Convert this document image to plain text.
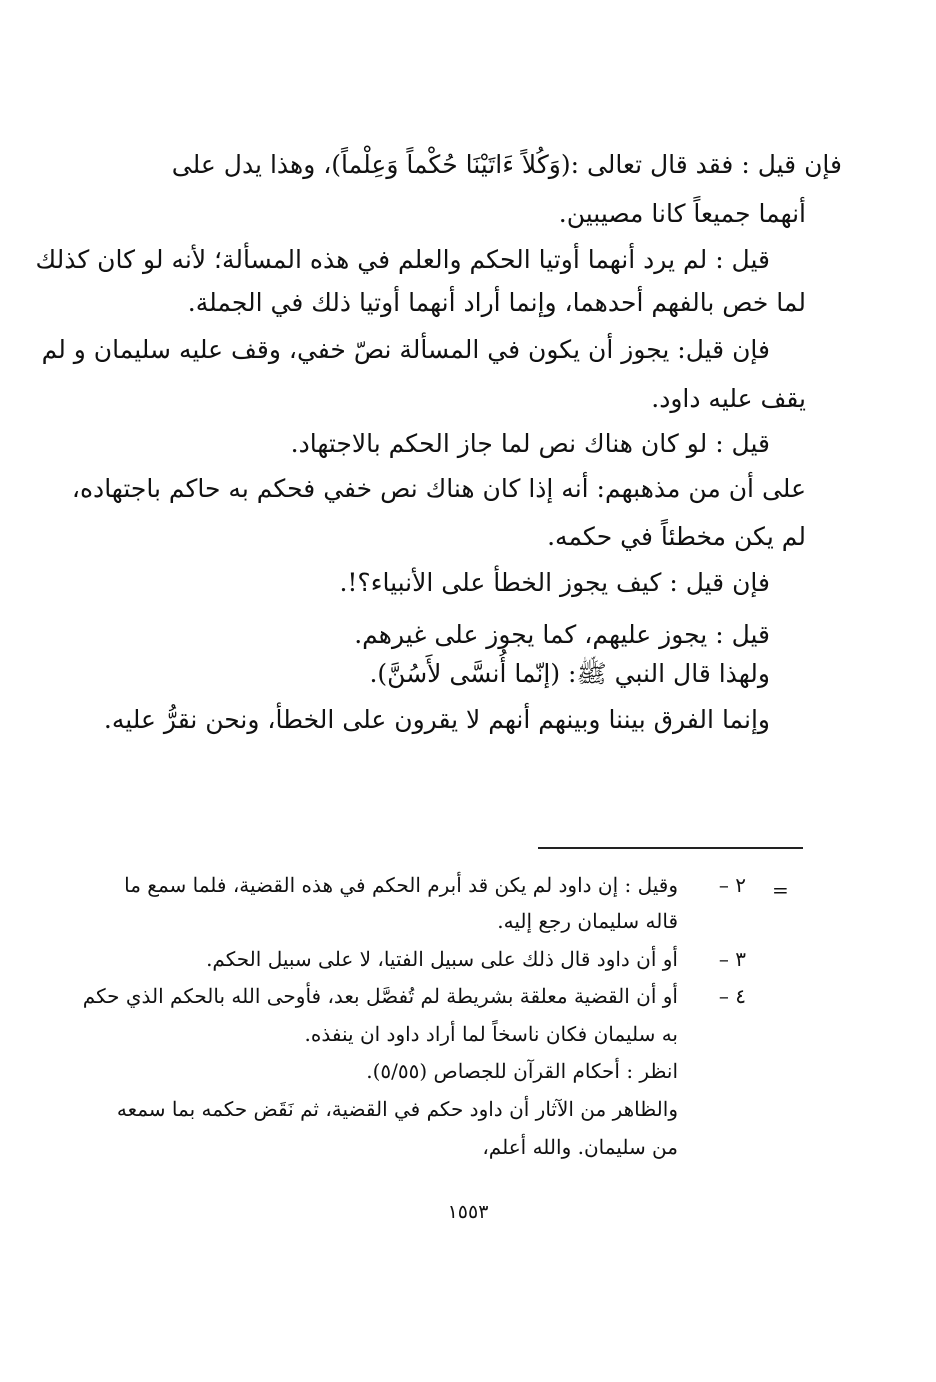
فإن قيل : فقد قال تعالى :(وَكُلاً ءَاتَيْنَا حُكْماً وَعِلْماً)، وهذا يدل على

أنهما جميعاً كانا مصيبين.

قيل : لم يرد أنهما أوتيا الحكم والعلم في هذه المسألة؛ لأنه لو كان كذلك

لما خص بالفهم أحدهما، وإنما أراد أنهما أوتيا ذلك في الجملة.

فإن قيل: يجوز أن يكون في المسألة نصّ خفي، وقف عليه سليمان و لم

يقف عليه داود.

قيل : لو كان هناك نص لما جاز الحكم بالاجتهاد.

على أن من مذهبهم: أنه إذا كان هناك نص خفي فحكم به حاكم باجتهاده،

لم يكن مخطئاً في حكمه.

فإن قيل : كيف يجوز الخطأ على الأنبياء؟!.

قيل : يجوز عليهم، كما يجوز على غيرهم.

ولهذا قال النبي ﷺ: (إنّما أُنسَّى لأَسُنَّ).

وإنما الفرق بيننا وبينهم أنهم لا يقرون على الخطأ، ونحن نقرُّ عليه.

=
٢ –

وقيل : إن داود لم يكن قد أبرم الحكم في هذه القضية، فلما سمع ما

قاله سليمان رجع إليه.

٣ –

أو أن داود قال ذلك على سبيل الفتيا، لا على سبيل الحكم.

٤ –

أو أن القضية معلقة بشريطة لم تُفصَّل بعد، فأوحى الله بالحكم الذي حكم

به سليمان فكان ناسخاً لما أراد داود ان ينفذه.

انظر : أحكام القرآن للجصاص (٥/٥٥).

والظاهر من الآثار أن داود حكم في القضية، ثم نَقَض حكمه بما سمعه

من سليمان. والله أعلم،

١٥٥٣
